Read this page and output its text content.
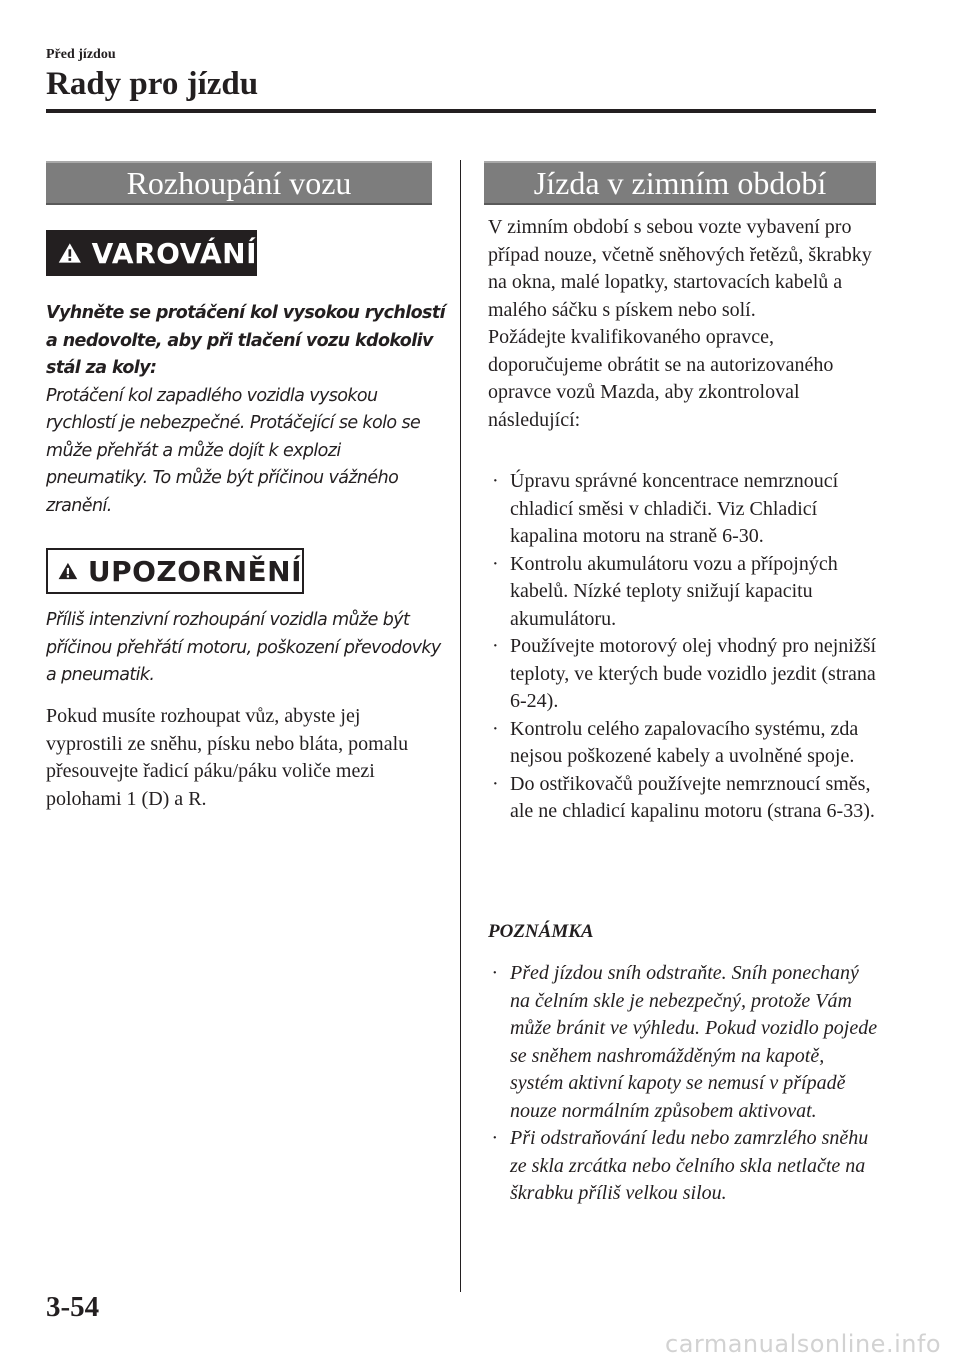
Před jízdou
Rady pro jízdu
Rozhoupání vozu
VAROVÁNÍ

Vyhněte se protáčení kol vysokou rychlostí a nedovolte, aby při tlačení vozu kdokoliv stál za koly:
Protáčení kol zapadlého vozidla vysokou rychlostí je nebezpečné. Protáčející se kolo se může přehřát a může dojít k explozi pneumatiky. To může být příčinou vážného zranění.

UPOZORNĚNÍ

Příliš intenzivní rozhoupání vozidla může být příčinou přehřátí motoru, poškození převodovky a pneumatik.

Pokud musíte rozhoupat vůz, abyste jej vyprostili ze sněhu, písku nebo bláta, pomalu přesouvejte řadicí páku/páku voliče mezi polohami 1 (D) a R.

Jízda v zimním období

V zimním období s sebou vozte vybavení pro případ nouze, včetně sněhových řetězů, škrabky na okna, malé lopatky, startovacích kabelů a malého sáčku s pískem nebo solí.
Požádejte kvalifikovaného opravce, doporučujeme obrátit se na autorizovaného opravce vozů Mazda, aby zkontroloval následující:

· Úpravu správné koncentrace nemrznoucí chladicí směsi v chladiči. Viz Chladicí kapalina motoru na straně 6-30.
· Kontrolu akumulátoru vozu a přípojných kabelů. Nízké teploty snižují kapacitu akumulátoru.
· Používejte motorový olej vhodný pro nejnižší teploty, ve kterých bude vozidlo jezdit (strana 6-24).
· Kontrolu celého zapalovacího systému, zda nejsou poškozené kabely a uvolněné spoje.
· Do ostřikovačů používejte nemrznoucí směs, ale ne chladicí kapalinu motoru (strana 6-33).
POZNÁMKA
· Před jízdou sníh odstraňte. Sníh ponechaný na čelním skle je nebezpečný, protože Vám může bránit ve výhledu. Pokud vozidlo pojede se sněhem nashromážděným na kapotě, systém aktivní kapoty se nemusí v případě nouze normálním způsobem aktivovat.
· Při odstraňování ledu nebo zamrzlého sněhu ze skla zrcátka nebo čelního skla netlačte na škrabku příliš velkou silou.
3-54
carmanualsonline.info
